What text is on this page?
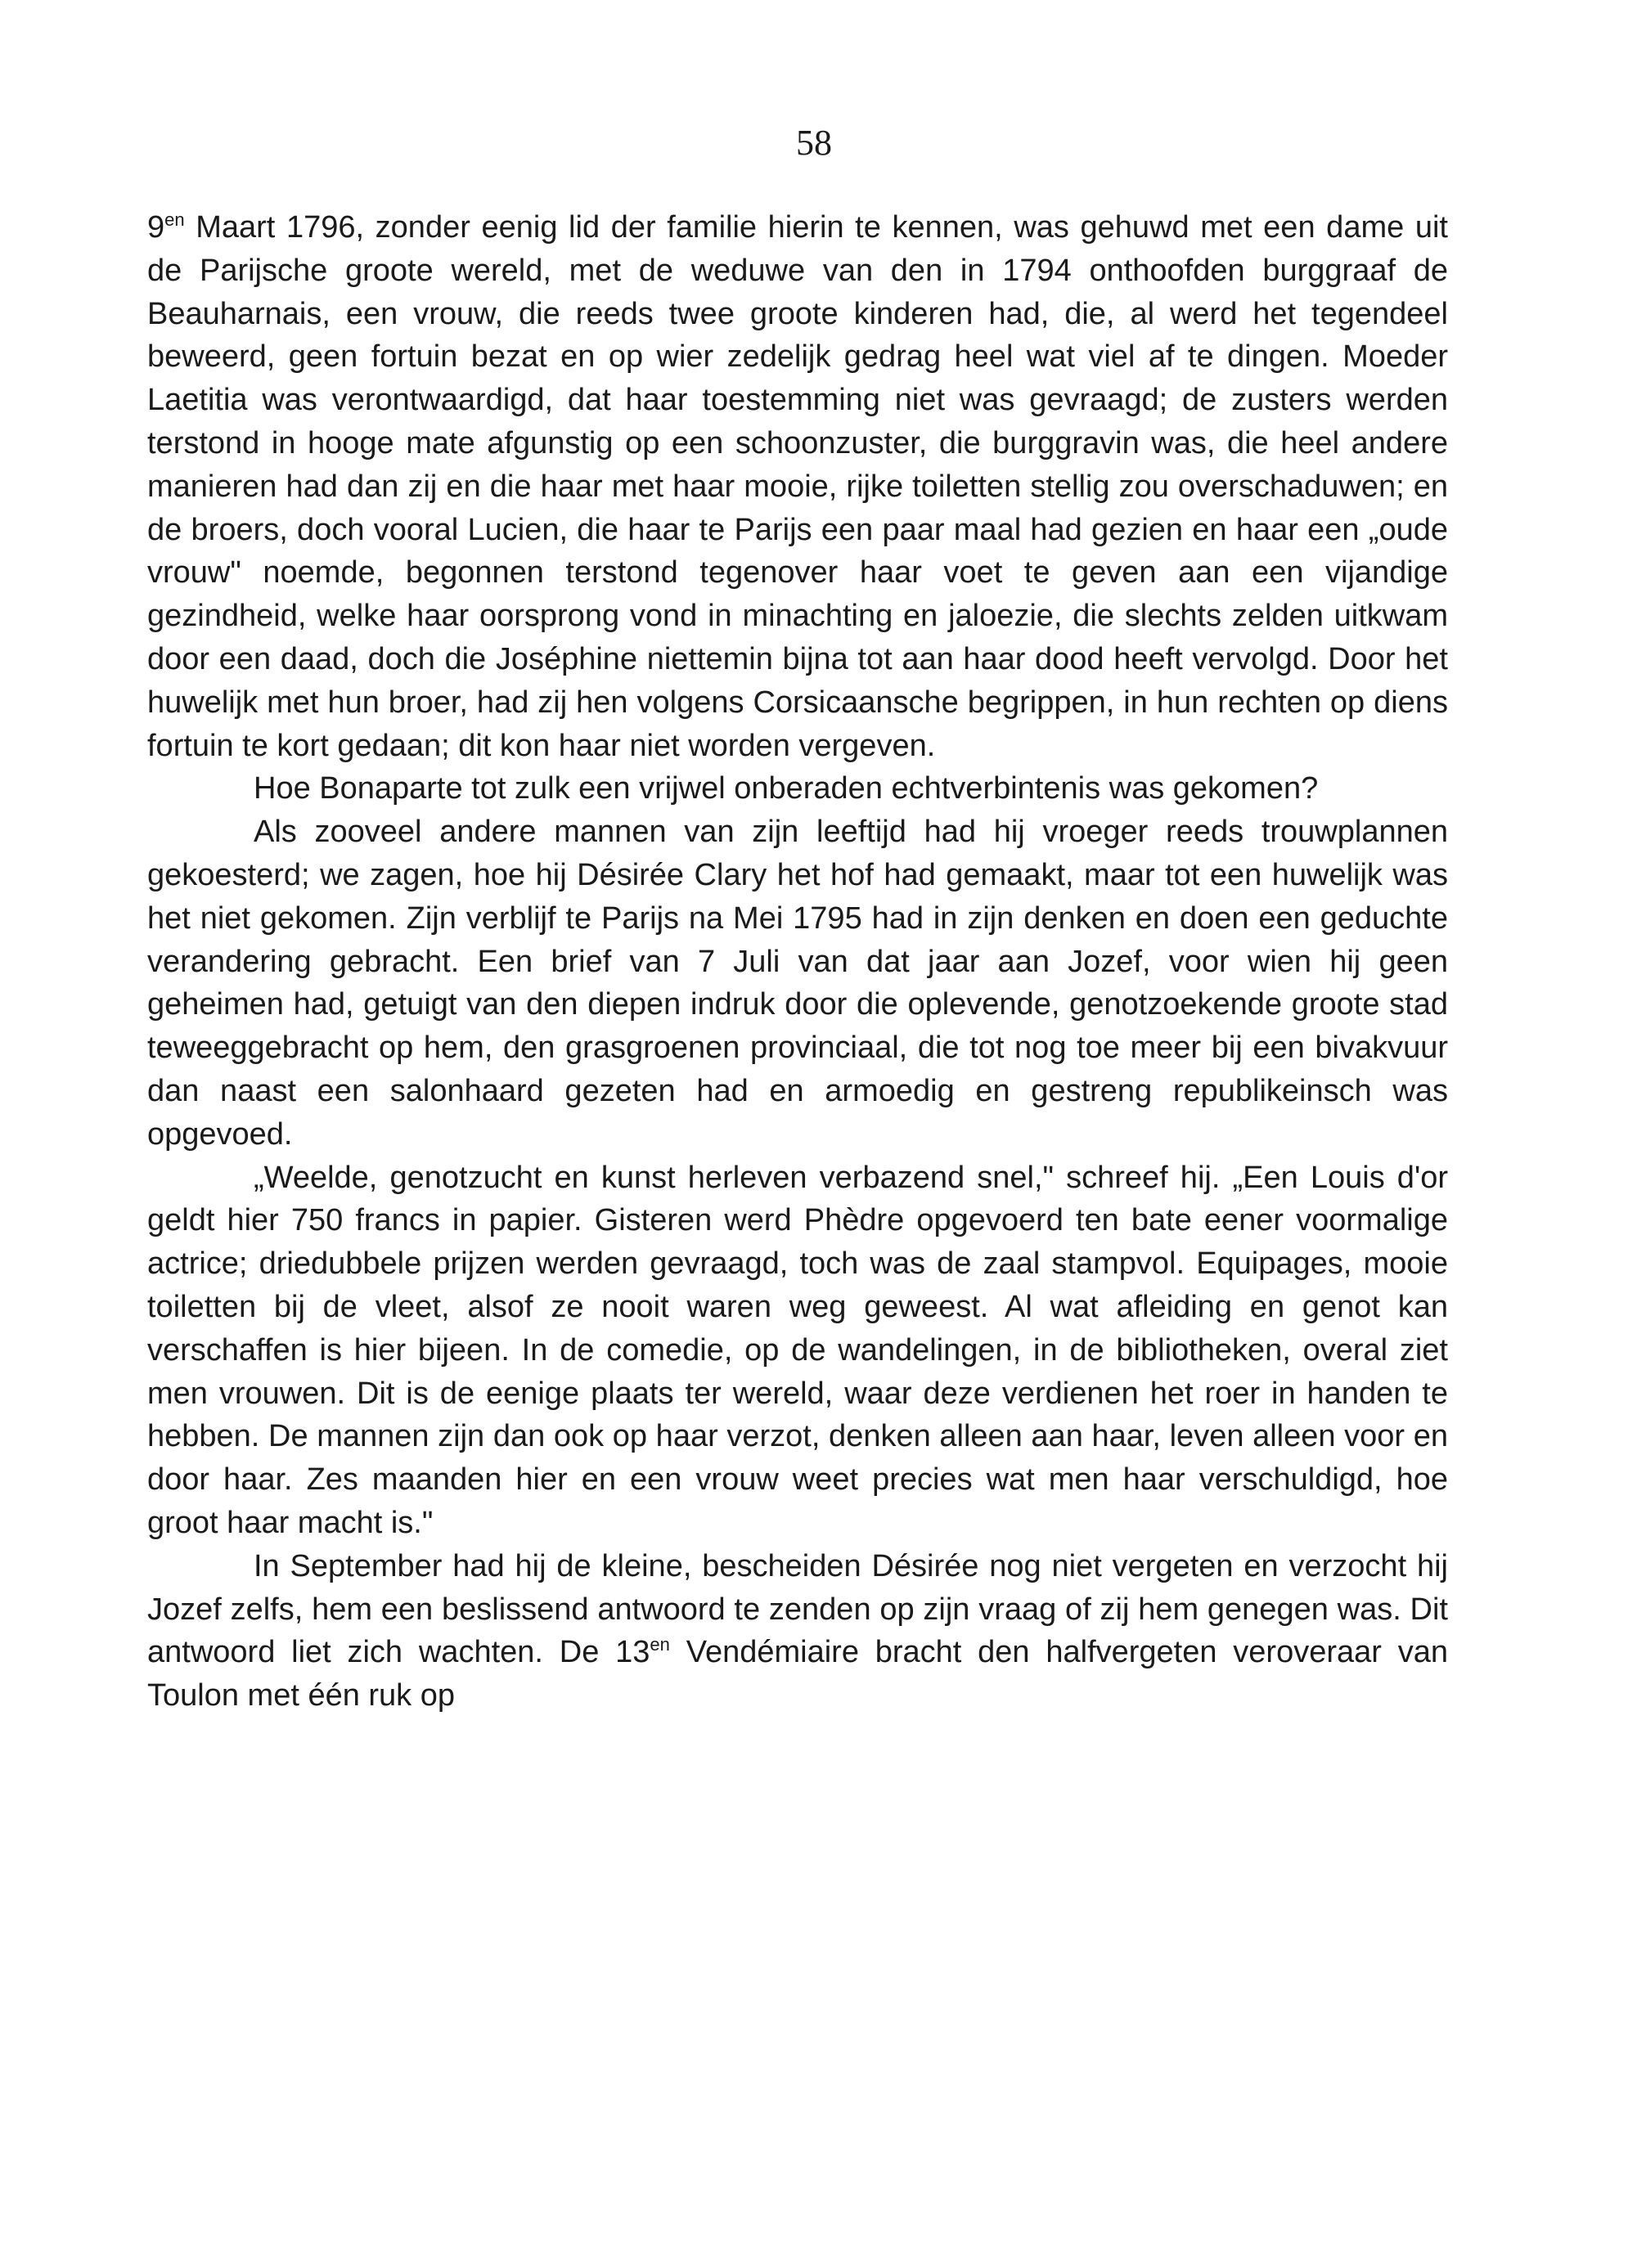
58

$9^{en}$ Maart 1796, zonder eenig lid der familie hierin te kennen, was gehuwd met een dame uit de Parijsche groote wereld, met de weduwe van den in 1794 onthoofden burggraaf de Beauharnais, een vrouw, die reeds twee groote kinderen had, die, al werd het tegendeel beweerd, geen fortuin bezat en op wier zedelijk gedrag heel wat viel af te dingen. Moeder Laetitia was verontwaardigd, dat haar toestemming niet was gevraagd; de zusters werden terstond in hooge mate afgunstig op een schoonzuster, die burggravin was, die heel andere manieren had dan zij en die haar met haar mooie, rijke toiletten stellig zou overschaduwen; en de broers, doch vooral Lucien, die haar te Parijs een paar maal had gezien en haar een „oude vrouw" noemde, begonnen terstond tegenover haar voet te geven aan een vijandige gezindheid, welke haar oorsprong vond in minachting en jaloezie, die slechts zelden uitkwam door een daad, doch die Joséphine niettemin bijna tot aan haar dood heeft vervolgd. Door het huwelijk met hun broer, had zij hen volgens Corsicaansche begrippen, in hun rechten op diens fortuin te kort gedaan; dit kon haar niet worden vergeven.

Hoe Bonaparte tot zulk een vrijwel onberaden echtverbintenis was gekomen?

Als zooveel andere mannen van zijn leeftijd had hij vroeger reeds trouwplannen gekoesterd; we zagen, hoe hij Désirée Clary het hof had gemaakt, maar tot een huwelijk was het niet gekomen. Zijn verblijf te Parijs na Mei 1795 had in zijn denken en doen een geduchte verandering gebracht. Een brief van 7 Juli van dat jaar aan Jozef, voor wien hij geen geheimen had, getuigt van den diepen indruk door die oplevende, genotzoekende groote stad teweeggebracht op hem, den grasgroenen provinciaal, die tot nog toe meer bij een bivakvuur dan naast een salonhaard gezeten had en armoedig en gestreng republikeinsch was opgevoed.

„Weelde, genotzucht en kunst herleven verbazend snel," schreef hij. „Een Louis d'or geldt hier 750 francs in papier. Gisteren werd Phèdre opgevoerd ten bate eener voormalige actrice; driedubbele prijzen werden gevraagd, toch was de zaal stampvol. Equipages, mooie toiletten bij de vleet, alsof ze nooit waren weg geweest. Al wat afleiding en genot kan verschaffen is hier bijeen. In de comedie, op de wandelingen, in de bibliotheken, overal ziet men vrouwen. Dit is de eenige plaats ter wereld, waar deze verdienen het roer in handen te hebben. De mannen zijn dan ook op haar verzot, denken alleen aan haar, leven alleen voor en door haar. Zes maanden hier en een vrouw weet precies wat men haar verschuldigd, hoe groot haar macht is."

In September had hij de kleine, bescheiden Désirée nog niet vergeten en verzocht hij Jozef zelfs, hem een beslissend antwoord te zenden op zijn vraag of zij hem genegen was. Dit antwoord liet zich wachten. De $13^{en}$ Vendémiaire bracht den halfvergeten veroveraar van Toulon met één ruk op
